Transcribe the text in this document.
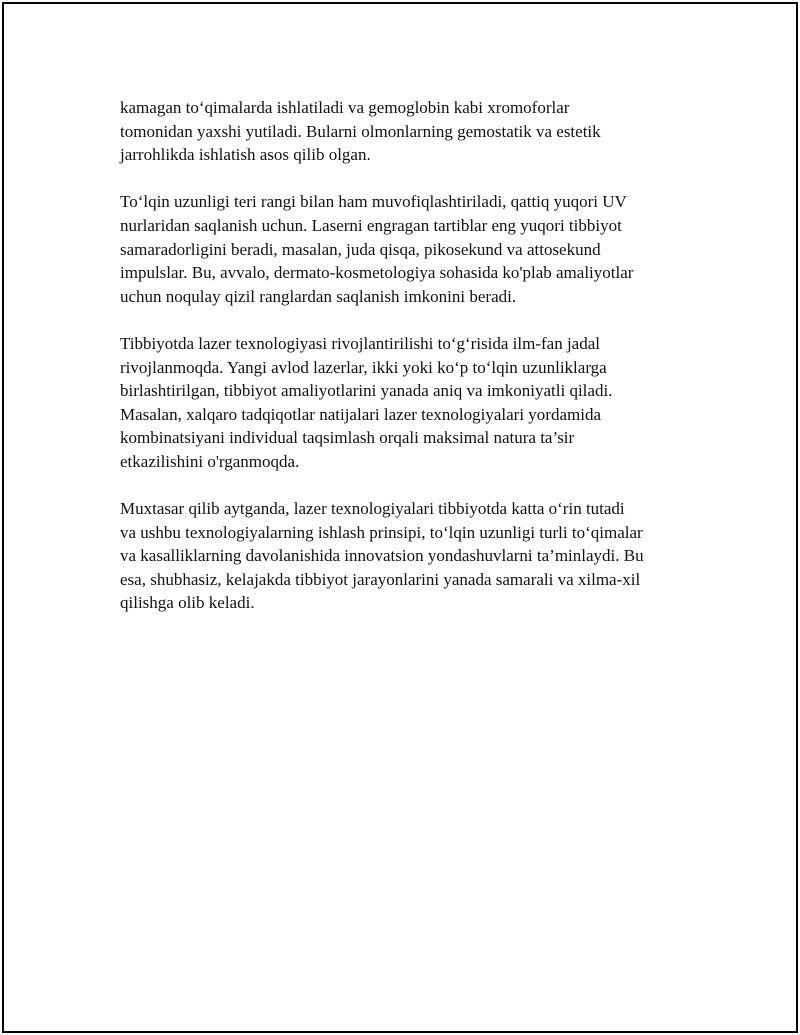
kamagan to‘qimalarda ishlatiladi va gemoglobin kabi xromoforlar
tomonidan yaxshi yutiladi. Bularni olmonlarning gemostatik va estetik
jarrohlikda ishlatish asos qilib olgan.

To‘lqin uzunligi teri rangi bilan ham muvofiqlashtiriladi, qattiq yuqori UV
nurlaridan saqlanish uchun. Laserni engragan tartiblar eng yuqori tibbiyot
samaradorligini beradi, masalan, juda qisqa, pikosekund va attosekund
impulslar. Bu, avvalo, dermato-kosmetologiya sohasida ko'plab amaliyotlar
uchun noqulay qizil ranglardan saqlanish imkonini beradi.

Tibbiyotda lazer texnologiyasi rivojlantirilishi to‘g‘risida ilm-fan jadal
rivojlanmoqda. Yangi avlod lazerlar, ikki yoki ko‘p to‘lqin uzunliklarga
birlashtirilgan, tibbiyot amaliyotlarini yanada aniq va imkoniyatli qiladi.
Masalan, xalqaro tadqiqotlar natijalari lazer texnologiyalari yordamida
kombinatsiyani individual taqsimlash orqali maksimal natura ta’sir
etkazilishini o'rganmoqda.

Muxtasar qilib aytganda, lazer texnologiyalari tibbiyotda katta o‘rin tutadi
va ushbu texnologiyalarning ishlash prinsipi, to‘lqin uzunligi turli to‘qimalar
va kasalliklarning davolanishida innovatsion yondashuvlarni ta’minlaydi. Bu
esa, shubhasiz, kelajakda tibbiyot jarayonlarini yanada samarali va xilma-xil
qilishga olib keladi.
